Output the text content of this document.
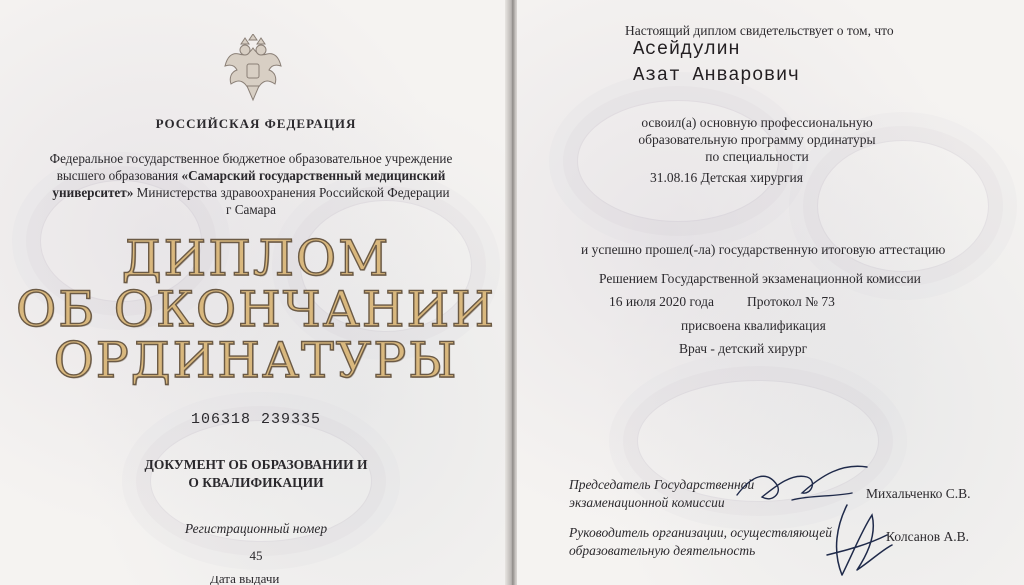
РОССИЙСКАЯ ФЕДЕРАЦИЯ
Федеральное государственное бюджетное образовательное учреждение
высшего образования «Самарский государственный медицинский
университет» Министерства здравоохранения Российской Федерации
г Самара
ДИПЛОМ
ОБ ОКОНЧАНИИ
ОРДИНАТУРЫ
106318 239335
ДОКУМЕНТ ОБ ОБРАЗОВАНИИ И
О КВАЛИФИКАЦИИ
Регистрационный номер
45
Дата выдачи
Настоящий диплом свидетельствует о том, что
Асейдулин
Азат Анварович
освоил(а) основную профессиональную
образовательную программу ординатуры
по специальности
31.08.16 Детская хирургия
и успешно прошел(-ла) государственную итоговую аттестацию
Решением Государственной экзаменационной комиссии
16 июля 2020 года Протокол № 73
присвоена квалификация
Врач - детский хирург
Председатель Государственной
экзаменационной комиссии
Михальченко С.В.
Руководитель организации, осуществляющей
образовательную деятельность
Колсанов А.В.
